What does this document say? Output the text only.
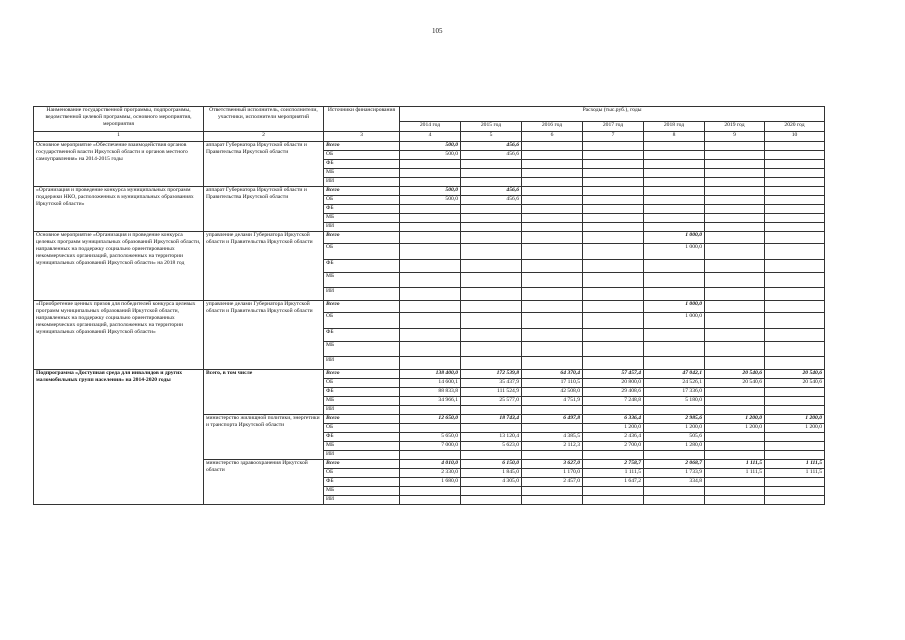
105
Наименование государственной программы, подпрограммы, ведомственной целевой программы, основного мероприятия, мероприятия	Ответственный исполнитель, соисполнители, участники, исполнители мероприятий	Источники финансирования	Расходы (тыс.руб.), годы						
			2014 год	2015 год	2016 год	2017 год	2018 год	2019 год	2020 год
1	2	3	4	5	6	7	8	9	10
Основное мероприятие «Обеспечение взаимодействия органов государственной власти Иркутской области и органов местного самоуправления» на 2014-2015 годы	аппарат Губернатора Иркутской области и Правительства Иркутской области	Всего	500,0	456,6					
		ОБ	500,0	456,6					
		ФБ							
		МБ							
		ИИ							
«Организация и проведение конкурса муниципальных программ поддержки НКО, расположенных в муниципальных образованиях Иркутской области»	аппарат Губернатора Иркутской области и Правительства Иркутской области	Всего	500,0	456,6					
		ОБ	500,0	456,6					
		ФБ							
		МБ							
		ИИ							
Основное мероприятие «Организация и проведение конкурса целевых программ муниципальных образований Иркутской области, направленных на поддержку социально ориентированных некоммерческих организаций, расположенных на территории муниципальных образований Иркутской области» на 2018 год	управление делами Губернатора Иркутской области и Правительства Иркутской области	Всего					1 000,0		
		ОБ					1 000,0		
		ФБ							
		МБ							
		ИИ							
«Приобретение ценных призов для победителей конкурса целевых программ муниципальных образований Иркутской области, направленных на поддержку социально ориентированных некоммерческих организаций, расположенных на территории муниципальных образований Иркутской области»	управление делами Губернатора Иркутской области и Правительства Иркутской области	Всего					1 000,0		
		ОБ					1 000,0		
		ФБ							
		МБ							
		ИИ							
Подпрограмма «Доступная среда для инвалидов и других маломобильных групп населения» на 2014-2020 годы	Всего, в том числе	Всего	138 400,0	172 539,8	64 370,4	57 457,4	47 042,1	20 540,6	20 540,6
		ОБ	14 600,1	35 437,9	17 110,5	20 800,0	24 526,1	20 540,6	20 540,6
		ФБ	88 833,8	111 524,9	42 508,0	29 408,6	17 336,0		
		МБ	34 966,1	25 577,0	4 751,9	7 248,8	5 180,0		
		ИИ							
	министерство жилищной политики, энергетики и транспорта Иркутской области	Всего	12 650,0	18 743,4	6 497,8	6 336,4	2 985,6	1 200,0	1 200,0
		ОБ				1 200,0	1 200,0	1 200,0	1 200,0
		ФБ	5 650,0	13 120,4	4 385,5	2 436,4	505,6		
		МБ	7 000,0	5 623,0	2 112,3	2 700,0	1 280,0		
		ИИ							
	министерство здравоохранения Иркутской области	Всего	4 010,0	6 150,0	3 627,0	2 758,7	2 068,7	1 111,5	1 111,5
		ОБ	2 330,0	1 845,0	1 170,0	1 111,5	1 733,9	1 111,5	1 111,5
		ФБ	1 680,0	4 305,0	2 457,0	1 647,2	334,8		
		МБ							
		ИИ							
